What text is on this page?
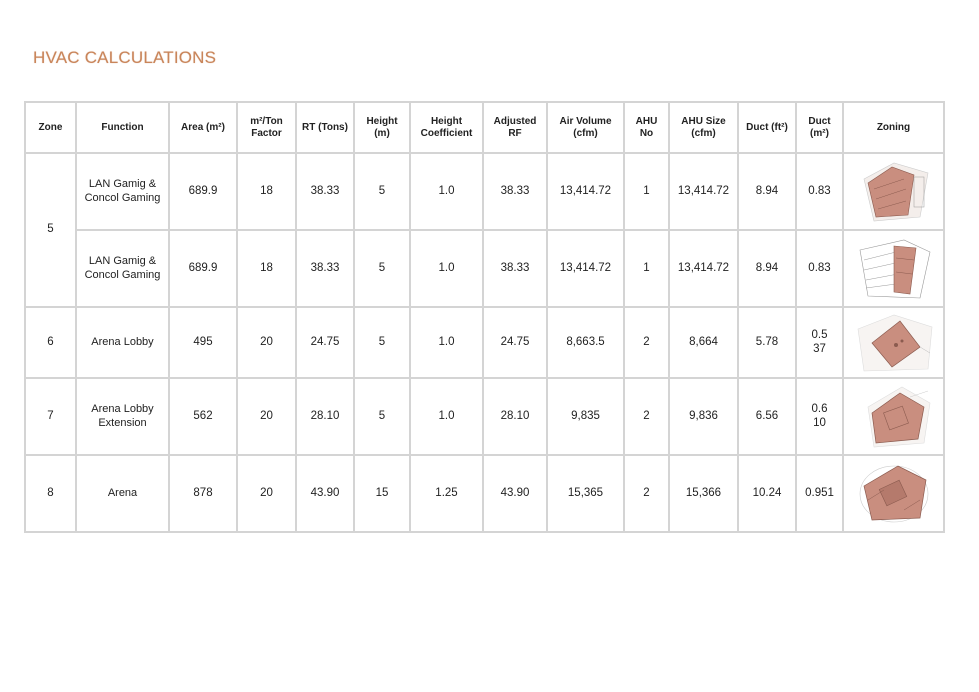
HVAC CALCULATIONS
Zone	Function	Area (m²)	m²/Ton Factor	RT (Tons)	Height (m)	Height Coefficient	Adjusted RF	Air Volume (cfm)	AHU No	AHU Size (cfm)	Duct (ft²)	Duct (m²)	Zoning
5	LAN Gamig & Concol Gaming	689.9	18	38.33	5	1.0	38.33	13,414.72	1	13,414.72	8.94	0.83	

	LAN Gamig & Concol Gaming	689.9	18	38.33	5	1.0	38.33	13,414.72	1	13,414.72	8.94	0.83	

6	Arena Lobby	495	20	24.75	5	1.0	24.75	8,663.5	2	8,664	5.78	0.537	

7	Arena Lobby Extension	562	20	28.10	5	1.0	28.10	9,835	2	9,836	6.56	0.610	

8	Arena	878	20	43.90	15	1.25	43.90	15,365	2	15,366	10.24	0.951	
